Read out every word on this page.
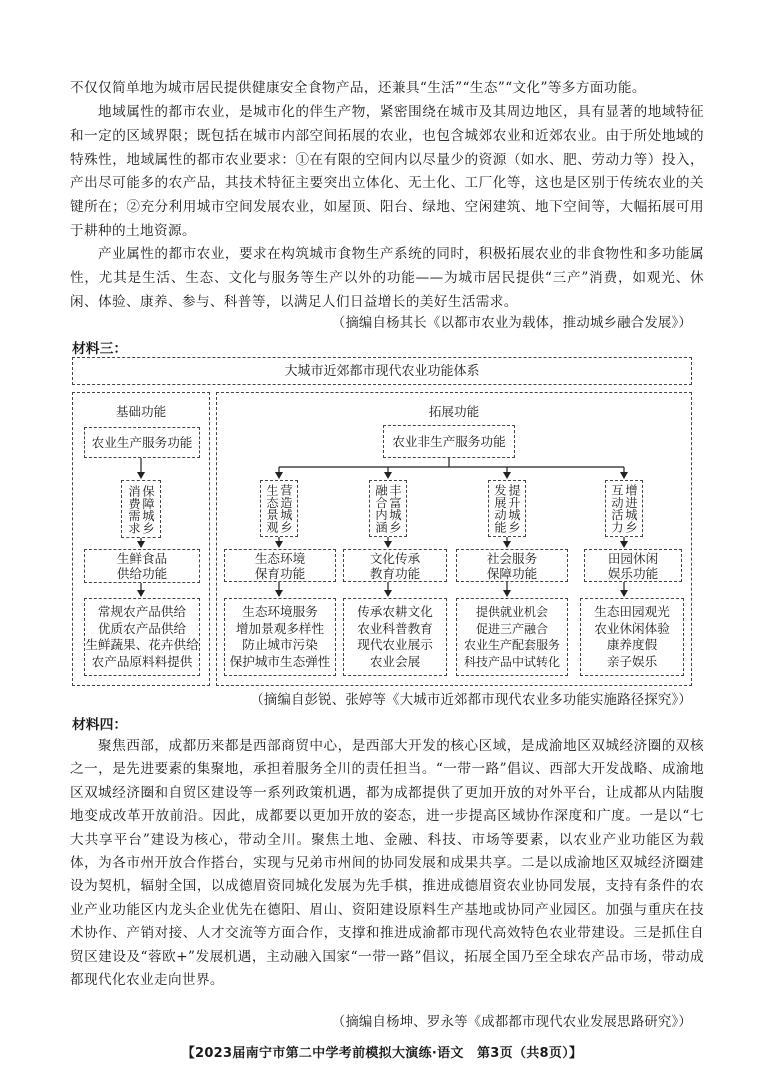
不仅仅简单地为城市居民提供健康安全食物产品，还兼具“生活”“生态”“文化”等多方面功能。

地域属性的都市农业，是城市化的伴生产物，紧密围绕在城市及其周边地区，具有显著的地域特征和一定的区域界限；既包括在城市内部空间拓展的农业，也包含城郊农业和近郊农业。由于所处地域的特殊性，地域属性的都市农业要求：①在有限的空间内以尽量少的资源（如水、肥、劳动力等）投入，产出尽可能多的农产品，其技术特征主要突出立体化、无土化、工厂化等，这也是区别于传统农业的关键所在；②充分利用城市空间发展农业，如屋顶、阳台、绿地、空闲建筑、地下空间等，大幅拓展可用于耕种的土地资源。

产业属性的都市农业，要求在构筑城市食物生产系统的同时，积极拓展农业的非食物性和多功能属性，尤其是生活、生态、文化与服务等生产以外的功能——为城市居民提供“三产”消费，如观光、休闲、体验、康养、参与、科普等，以满足人们日益增长的美好生活需求。

（摘编自杨其长《以都市农业为载体，推动城乡融合发展》）
材料三：
大城市近郊都市现代农业功能体系
基础功能	拓展功能
农业生产服务功能
保障城乡消费需求
生鲜食品
供给功能
常规农产品供给
优质农产品供给
生鲜蔬果、花卉供给
农产品原料料提供
农业非生产服务功能
营造城乡生态景观
生态环境
保育功能
生态环境服务
增加景观多样性
防止城市污染
保护城市生态弹性
丰富城乡融合内涵
文化传承
教育功能
传承农耕文化
农业科普教育
现代农业展示
农业会展
提升城乡发展动能
社会服务
保障功能
提供就业机会
促进三产融合
农业生产配套服务
科技产品中试转化
增进城乡互动活力
田园休闲
娱乐功能
生态田园观光
农业休闲体验
康养度假
亲子娱乐
（摘编自彭锐、张婷等《大城市近郊都市现代农业多功能实施路径探究》）
材料四：

聚焦西部，成都历来都是西部商贸中心，是西部大开发的核心区域，是成渝地区双城经济圈的双核之一，是先进要素的集聚地，承担着服务全川的责任担当。“一带一路”倡议、西部大开发战略、成渝地区双城经济圈和自贸区建设等一系列政策机遇，都为成都提供了更加开放的对外平台，让成都从内陆腹地变成改革开放前沿。因此，成都要以更加开放的姿态，进一步提高区域协作深度和广度。一是以“七大共享平台”建设为核心，带动全川。聚焦土地、金融、科技、市场等要素，以农业产业功能区为载体，为各市州开放合作搭台，实现与兄弟市州间的协同发展和成果共享。二是以成渝地区双城经济圈建设为契机，辐射全国，以成德眉资同城化发展为先手棋，推进成德眉资农业协同发展，支持有条件的农业产业功能区内龙头企业优先在德阳、眉山、资阳建设原料生产基地或协同产业园区。加强与重庆在技术协作、产销对接、人才交流等方面合作，支撑和推进成渝都市现代高效特色农业带建设。三是抓住自贸区建设及“蓉欧+”发展机遇，主动融入国家“一带一路”倡议，拓展全国乃至全球农产品市场，带动成都现代化农业走向世界。

（摘编自杨坤、罗永等《成都都市现代农业发展思路研究》）
【2023届南宁市第二中学考前模拟大演练·语文　第3页（共8页）】
